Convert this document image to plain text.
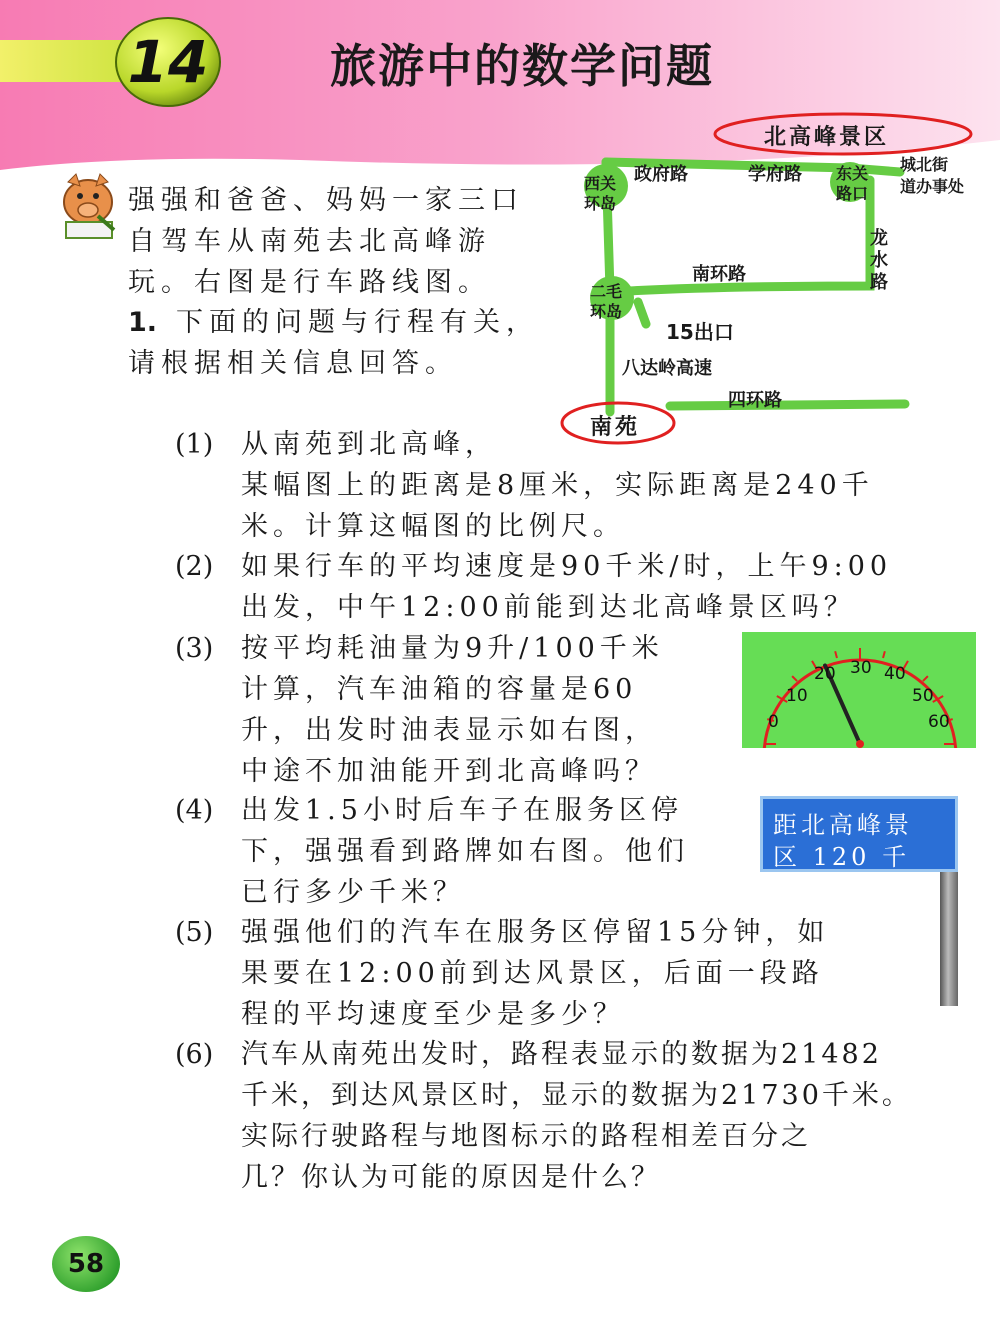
14	旅游中的数学问题
强强和爸爸、妈妈一家三口自驾车从南苑去北高峰游玩。右图是行车路线图。
1. 下面的问题与行程有关，请根据相关信息回答。
(1) 从南苑到北高峰，
某幅图上的距离是8厘米，实际距离是240千
米。计算这幅图的比例尺。
(2) 如果行车的平均速度是90千米/时，上午9:00
出发，中午12:00前能到达北高峰景区吗？
(3) 按平均耗油量为9升/100千米
计算，汽车油箱的容量是60
升，出发时油表显示如右图，
中途不加油能开到北高峰吗？
(4) 出发1.5小时后车子在服务区停
下，强强看到路牌如右图。他们
已行多少千米？
(5) 强强他们的汽车在服务区停留15分钟，如
果要在12:00前到达风景区，后面一段路
程的平均速度至少是多少？
(6) 汽车从南苑出发时，路程表显示的数据为21482
千米，到达风景区时，显示的数据为21730千米。
实际行驶路程与地图标示的路程相差百分之
几？你认为可能的原因是什么？
北高峰景区
南苑
西关
环岛
政府路	学府路 东关
路口
城北街
道办事处
龙
水
路
南环路
二毛
环岛
15出口
八达岭高速
四环路
0
10
20 30 40
50
60
距北高峰景
区 120 千米。
58
